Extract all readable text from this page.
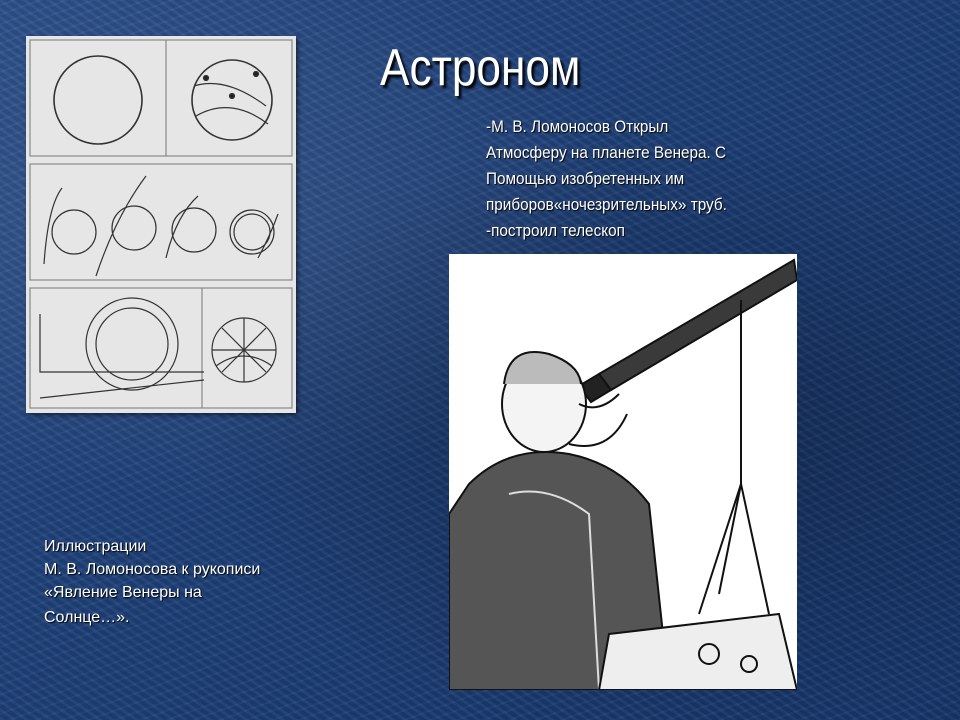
Астроном
-М. В. Ломоносов Открыл
Атмосферу на планете Венера. С
Помощью изобретенных им
приборов«ночезрительных» труб.
-построил телескоп
Иллюстрации
М. В. Ломоносова к рукописи
«Явление Венеры на
Солнце…».
